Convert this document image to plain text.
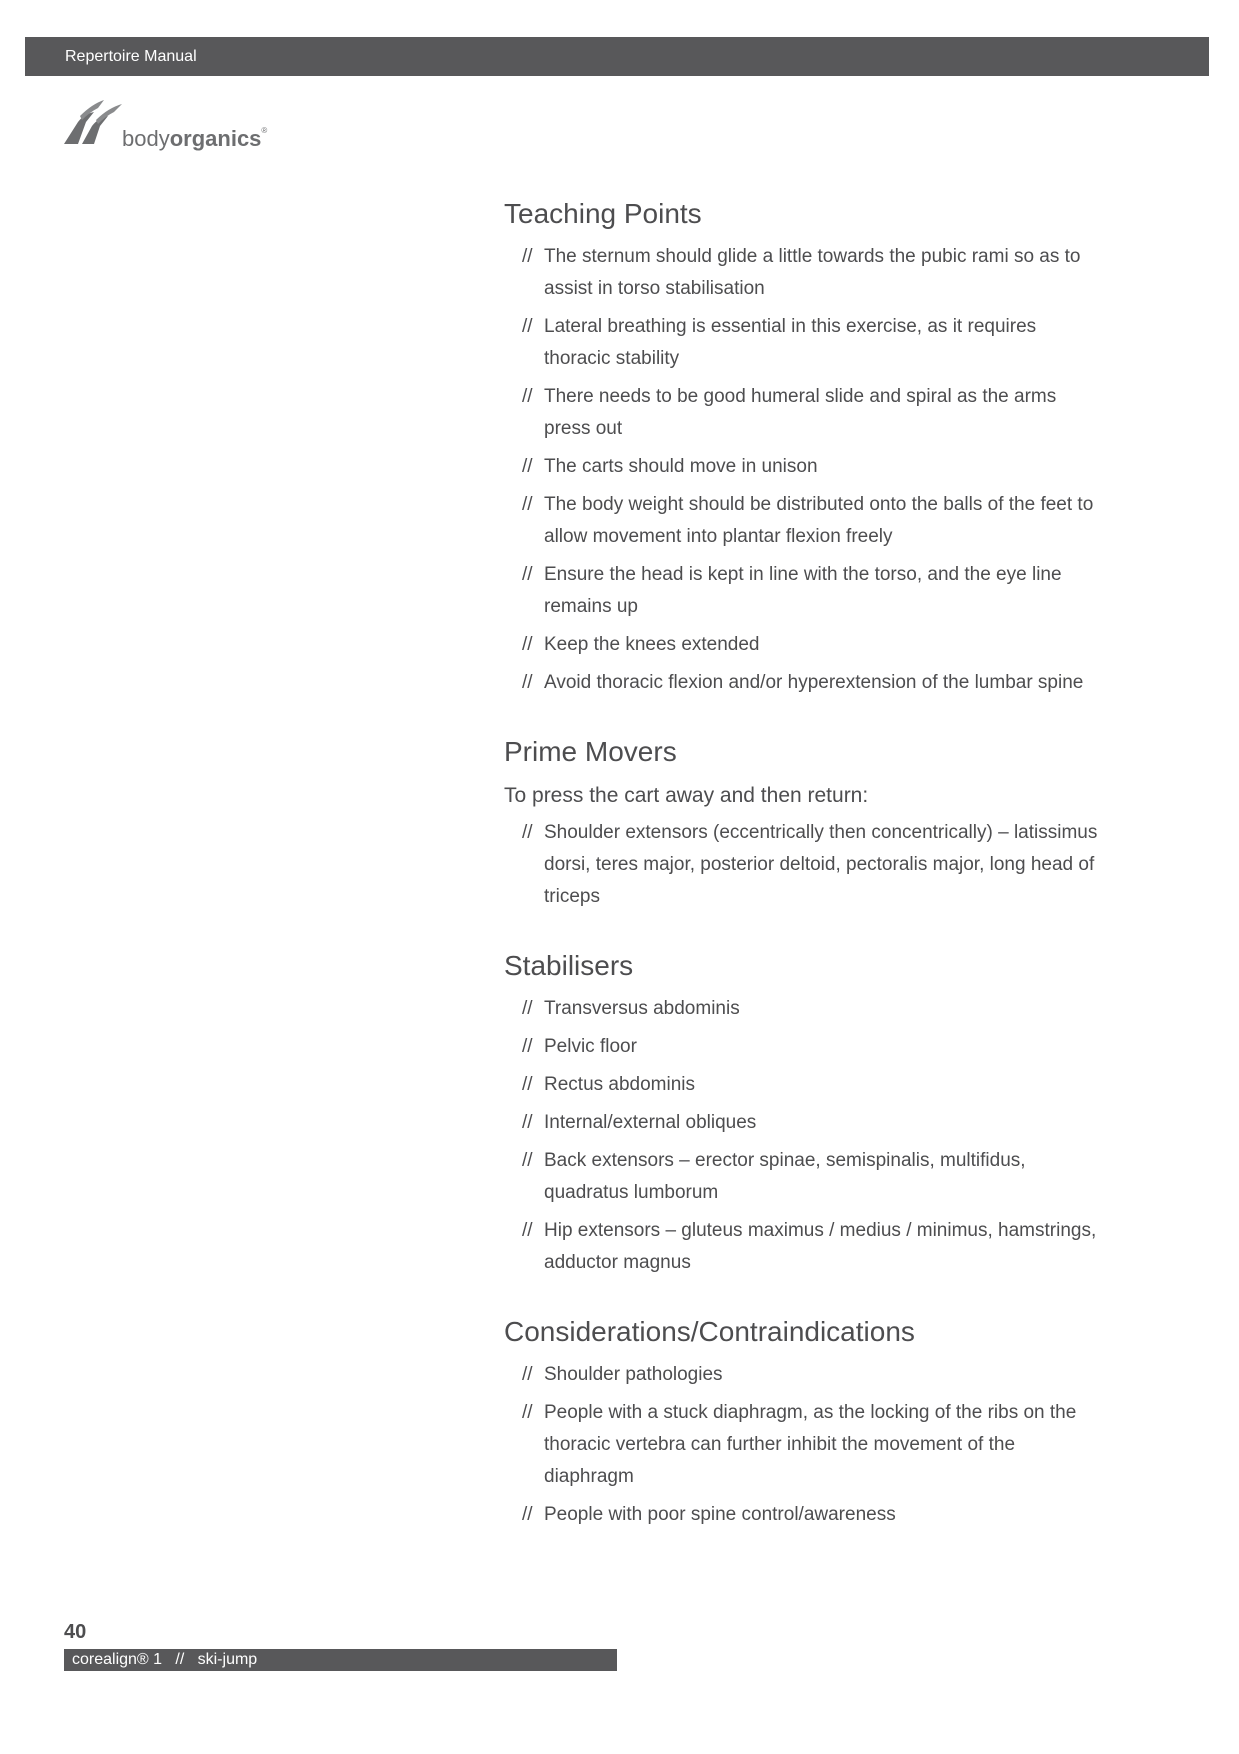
Repertoire Manual
bodyorganics®
Teaching Points
// The sternum should glide a little towards the pubic rami so as to assist in torso stabilisation
// Lateral breathing is essential in this exercise, as it requires thoracic stability
// There needs to be good humeral slide and spiral as the arms press out
// The carts should move in unison
// The body weight should be distributed onto the balls of the feet to allow movement into plantar flexion freely
// Ensure the head is kept in line with the torso, and the eye line remains up
// Keep the knees extended
// Avoid thoracic flexion and/or hyperextension of the lumbar spine
Prime Movers

To press the cart away and then return:

// Shoulder extensors (eccentrically then concentrically) – latissimus dorsi, teres major, posterior deltoid, pectoralis major, long head of triceps
Stabilisers
// Transversus abdominis
// Pelvic floor
// Rectus abdominis
// Internal/external obliques
// Back extensors – erector spinae, semispinalis, multifidus, quadratus lumborum
// Hip extensors – gluteus maximus / medius / minimus, hamstrings, adductor magnus
Considerations/Contraindications
// Shoulder pathologies
// People with a stuck diaphragm, as the locking of the ribs on the thoracic vertebra can further inhibit the movement of the diaphragm
// People with poor spine control/awareness
40
corealign® 1   //   ski-jump
